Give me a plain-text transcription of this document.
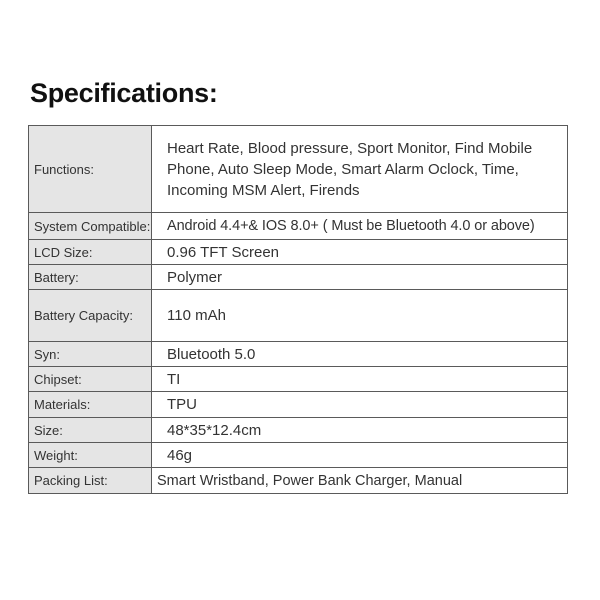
Specifications:
Functions:	Heart Rate, Blood pressure, Sport Monitor, Find Mobile Phone, Auto Sleep Mode, Smart Alarm Oclock, Time, Incoming MSM Alert, Firends
System Compatible:	Android 4.4+& IOS 8.0+ ( Must be Bluetooth 4.0 or above)
LCD Size:	0.96 TFT Screen
Battery:	Polymer
Battery Capacity:	110 mAh
Syn:	Bluetooth 5.0
Chipset:	TI
Materials:	TPU
Size:	48*35*12.4cm
Weight:	46g
Packing List:	Smart Wristband, Power Bank Charger, Manual
